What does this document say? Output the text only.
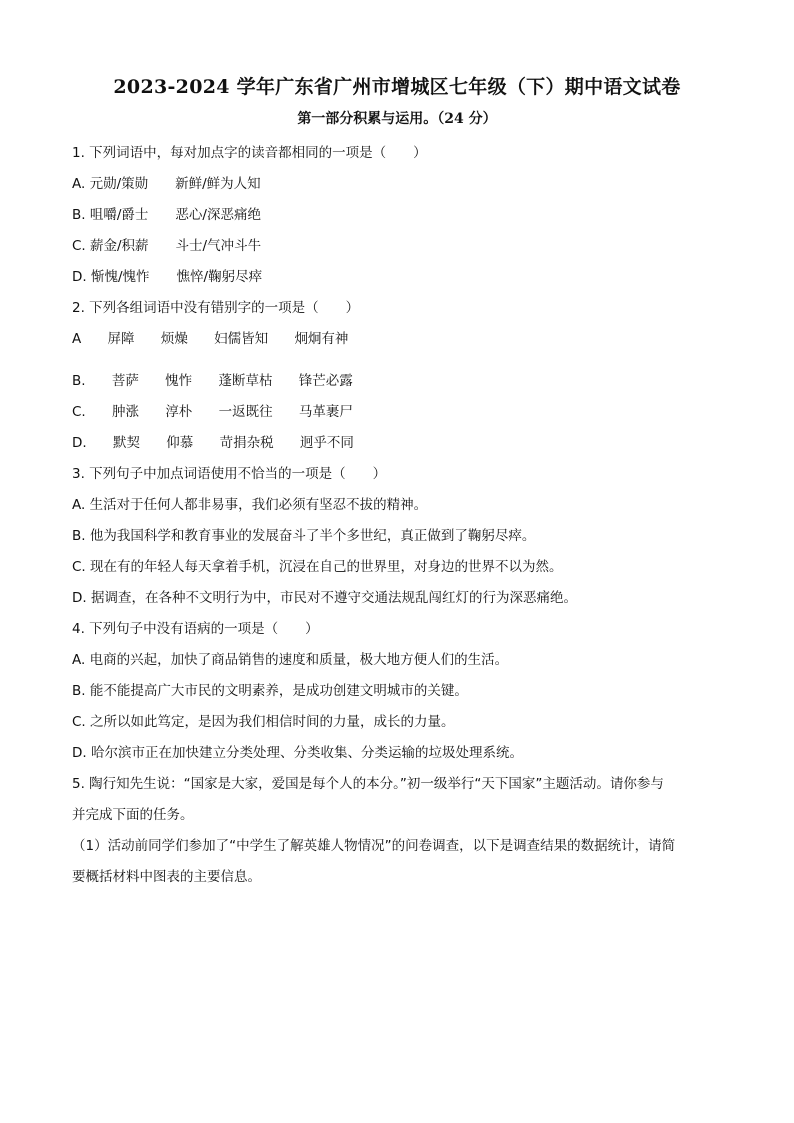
2023-2024 学年广东省广州市增城区七年级（下）期中语文试卷
第一部分积累与运用。（24 分）
1. 下列词语中，每对加点字的读音都相同的一项是（　　）
A. 元勋/策勋　　新鲜/鲜为人知
B. 咀嚼/爵士　　恶心/深恶痛绝
C. 薪金/积薪　　斗士/气冲斗牛
D. 惭愧/愧怍　　憔悴/鞠躬尽瘁
2. 下列各组词语中没有错别字的一项是（　　）
A 屏障 烦燥 妇儒皆知 炯炯有神
B. 菩萨 愧怍 蓬断草枯 锋芒必露
C. 肿涨 淳朴 一返既往 马革裹尸
D. 默契 仰慕 苛捐杂税 迥乎不同
3. 下列句子中加点词语使用不恰当的一项是（　　）
A. 生活对于任何人都非易事，我们必须有坚忍不拔的精神。
B. 他为我国科学和教育事业的发展奋斗了半个多世纪，真正做到了鞠躬尽瘁。
C. 现在有的年轻人每天拿着手机，沉浸在自己的世界里，对身边的世界不以为然。
D. 据调查，在各种不文明行为中，市民对不遵守交通法规乱闯红灯的行为深恶痛绝。
4. 下列句子中没有语病的一项是（　　）
A. 电商的兴起，加快了商品销售的速度和质量，极大地方便人们的生活。
B. 能不能提高广大市民的文明素养，是成功创建文明城市的关键。
C. 之所以如此笃定，是因为我们相信时间的力量，成长的力量。
D. 哈尔滨市正在加快建立分类处理、分类收集、分类运输的垃圾处理系统。
5. 陶行知先生说：“国家是大家，爱国是每个人的本分。”初一级举行“天下国家”主题活动。请你参与
并完成下面的任务。
（1）活动前同学们参加了“中学生了解英雄人物情况”的问卷调查，以下是调查结果的数据统计，请简
要概括材料中图表的主要信息。
